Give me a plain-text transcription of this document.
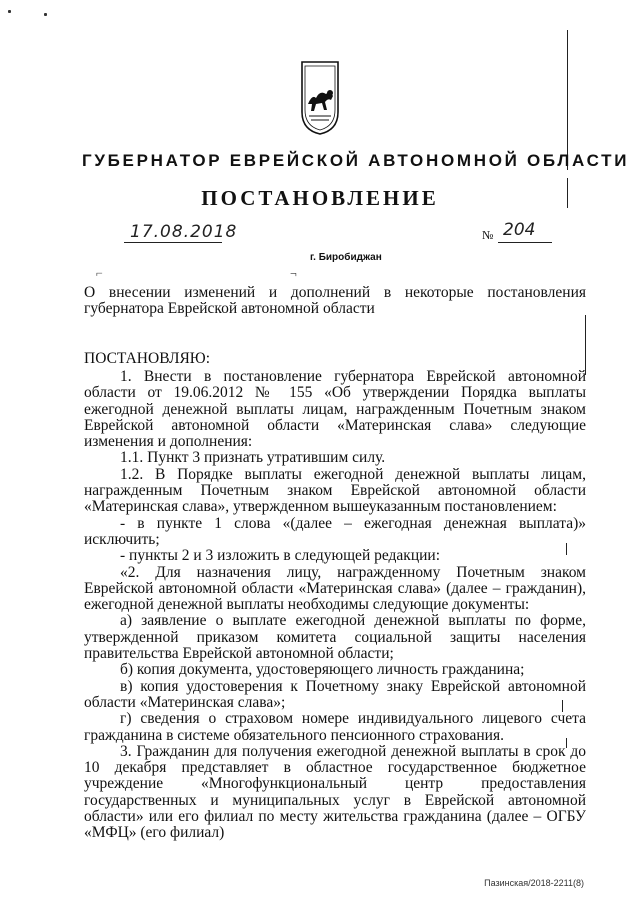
ГУБЕРНАТОР ЕВРЕЙСКОЙ АВТОНОМНОЙ ОБЛАСТИ
ПОСТАНОВЛЕНИЕ
17.08.2018	№ 204
г. Биробиджан
⌐	¬
О внесении изменений и дополнений в некоторые постановления губернатора Еврейской автономной области
ПОСТАНОВЛЯЮ:

1. Внести в постановление губернатора Еврейской автономной области от 19.06.2012 № 155 «Об утверждении Порядка выплаты ежегодной денежной выплаты лицам, награжденным Почетным знаком Еврейской автономной области «Материнская слава» следующие изменения и дополнения:

1.1. Пункт 3 признать утратившим силу.

1.2. В Порядке выплаты ежегодной денежной выплаты лицам, награжденным Почетным знаком Еврейской автономной области «Материнская слава», утвержденном вышеуказанным постановлением:

- в пункте 1 слова «(далее – ежегодная денежная выплата)» исключить;

- пункты 2 и 3 изложить в следующей редакции:

«2. Для назначения лицу, награжденному Почетным знаком Еврейской автономной области «Материнская слава» (далее – гражданин), ежегодной денежной выплаты необходимы следующие документы:

а) заявление о выплате ежегодной денежной выплаты по форме, утвержденной приказом комитета социальной защиты населения правительства Еврейской автономной области;

б) копия документа, удостоверяющего личность гражданина;

в) копия удостоверения к Почетному знаку Еврейской автономной области «Материнская слава»;

г) сведения о страховом номере индивидуального лицевого счета гражданина в системе обязательного пенсионного страхования.

3. Гражданин для получения ежегодной денежной выплаты в срок до 10 декабря представляет в областное государственное бюджетное учреждение «Многофункциональный центр предоставления государственных и муниципальных услуг в Еврейской автономной области» или его филиал по месту жительства гражданина (далее – ОГБУ «МФЦ» (его филиал)

Пазинская/2018-2211(8)
